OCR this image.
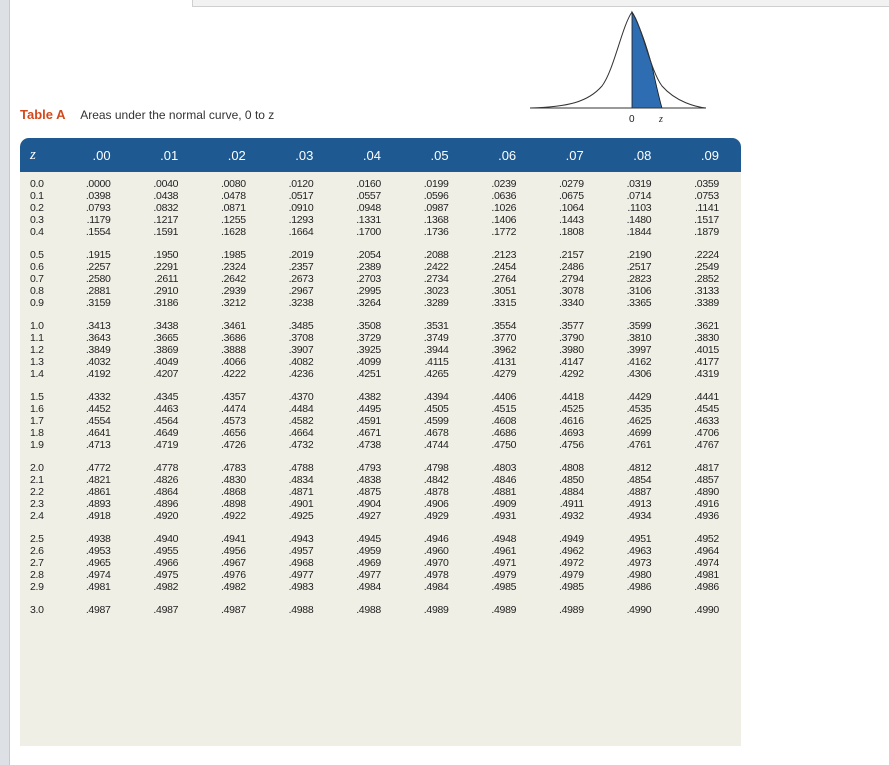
0 z
Table A Areas under the normal curve, 0 to z
z	.00	.01	.02	.03	.04	.05	.06	.07	.08	.09
0.0	.0000	.0040	.0080	.0120	.0160	.0199	.0239	.0279	.0319	.0359
0.1	.0398	.0438	.0478	.0517	.0557	.0596	.0636	.0675	.0714	.0753
0.2	.0793	.0832	.0871	.0910	.0948	.0987	.1026	.1064	.1103	.1141
0.3	.1179	.1217	.1255	.1293	.1331	.1368	.1406	.1443	.1480	.1517
0.4	.1554	.1591	.1628	.1664	.1700	.1736	.1772	.1808	.1844	.1879
0.5	.1915	.1950	.1985	.2019	.2054	.2088	.2123	.2157	.2190	.2224
0.6	.2257	.2291	.2324	.2357	.2389	.2422	.2454	.2486	.2517	.2549
0.7	.2580	.2611	.2642	.2673	.2703	.2734	.2764	.2794	.2823	.2852
0.8	.2881	.2910	.2939	.2967	.2995	.3023	.3051	.3078	.3106	.3133
0.9	.3159	.3186	.3212	.3238	.3264	.3289	.3315	.3340	.3365	.3389
1.0	.3413	.3438	.3461	.3485	.3508	.3531	.3554	.3577	.3599	.3621
1.1	.3643	.3665	.3686	.3708	.3729	.3749	.3770	.3790	.3810	.3830
1.2	.3849	.3869	.3888	.3907	.3925	.3944	.3962	.3980	.3997	.4015
1.3	.4032	.4049	.4066	.4082	.4099	.4115	.4131	.4147	.4162	.4177
1.4	.4192	.4207	.4222	.4236	.4251	.4265	.4279	.4292	.4306	.4319
1.5	.4332	.4345	.4357	.4370	.4382	.4394	.4406	.4418	.4429	.4441
1.6	.4452	.4463	.4474	.4484	.4495	.4505	.4515	.4525	.4535	.4545
1.7	.4554	.4564	.4573	.4582	.4591	.4599	.4608	.4616	.4625	.4633
1.8	.4641	.4649	.4656	.4664	.4671	.4678	.4686	.4693	.4699	.4706
1.9	.4713	.4719	.4726	.4732	.4738	.4744	.4750	.4756	.4761	.4767
2.0	.4772	.4778	.4783	.4788	.4793	.4798	.4803	.4808	.4812	.4817
2.1	.4821	.4826	.4830	.4834	.4838	.4842	.4846	.4850	.4854	.4857
2.2	.4861	.4864	.4868	.4871	.4875	.4878	.4881	.4884	.4887	.4890
2.3	.4893	.4896	.4898	.4901	.4904	.4906	.4909	.4911	.4913	.4916
2.4	.4918	.4920	.4922	.4925	.4927	.4929	.4931	.4932	.4934	.4936
2.5	.4938	.4940	.4941	.4943	.4945	.4946	.4948	.4949	.4951	.4952
2.6	.4953	.4955	.4956	.4957	.4959	.4960	.4961	.4962	.4963	.4964
2.7	.4965	.4966	.4967	.4968	.4969	.4970	.4971	.4972	.4973	.4974
2.8	.4974	.4975	.4976	.4977	.4977	.4978	.4979	.4979	.4980	.4981
2.9	.4981	.4982	.4982	.4983	.4984	.4984	.4985	.4985	.4986	.4986
3.0	.4987	.4987	.4987	.4988	.4988	.4989	.4989	.4989	.4990	.4990
